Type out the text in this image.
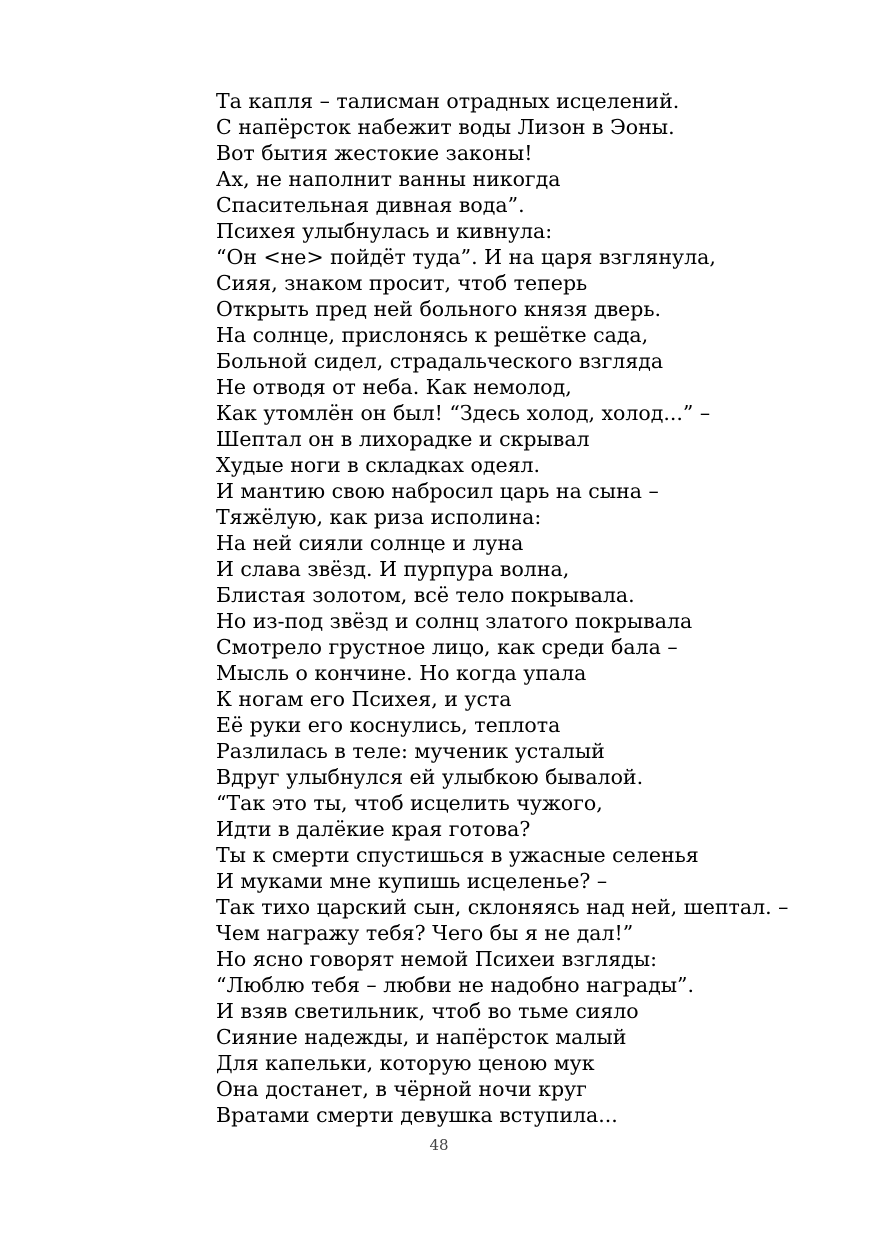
Та капля – талисман отрадных исцелений.
С напёрсток набежит воды Лизон в Эоны.
Вот бытия жестокие законы!
Ах, не наполнит ванны никогда
Спасительная дивная вода”.
Психея улыбнулась и кивнула:
“Он <не> пойдёт туда”. И на царя взглянула,
Сияя, знаком просит, чтоб теперь
Открыть пред ней больного князя дверь.
На солнце, прислонясь к решётке сада,
Больной сидел, страдальческого взгляда
Не отводя от неба. Как немолод,
Как утомлён он был! “Здесь холод, холод...” –
Шептал он в лихорадке и скрывал
Худые ноги в складках одеял.
И мантию свою набросил царь на сына –
Тяжёлую, как риза исполина:
На ней сияли солнце и луна
И слава звёзд. И пурпура волна,
Блистая золотом, всё тело покрывала.
Но из-под звёзд и солнц златого покрывала
Смотрело грустное лицо, как среди бала –
Мысль о кончине. Но когда упала
К ногам его Психея, и уста
Её руки его коснулись, теплота
Разлилась в теле: мученик усталый
Вдруг улыбнулся ей улыбкою бывалой.
“Так это ты, чтоб исцелить чужого,
Идти в далёкие края готова?
Ты к смерти спустишься в ужасные селенья
И муками мне купишь исцеленье? –
Так тихо царский сын, склоняясь над ней, шептал. –
Чем награжу тебя? Чего бы я не дал!”
Но ясно говорят немой Психеи взгляды:
“Люблю тебя – любви не надобно награды”.
И взяв светильник, чтоб во тьме сияло
Сияние надежды, и напёрсток малый
Для капельки, которую ценою мук
Она достанет, в чёрной ночи круг
Вратами смерти девушка вступила...
48
